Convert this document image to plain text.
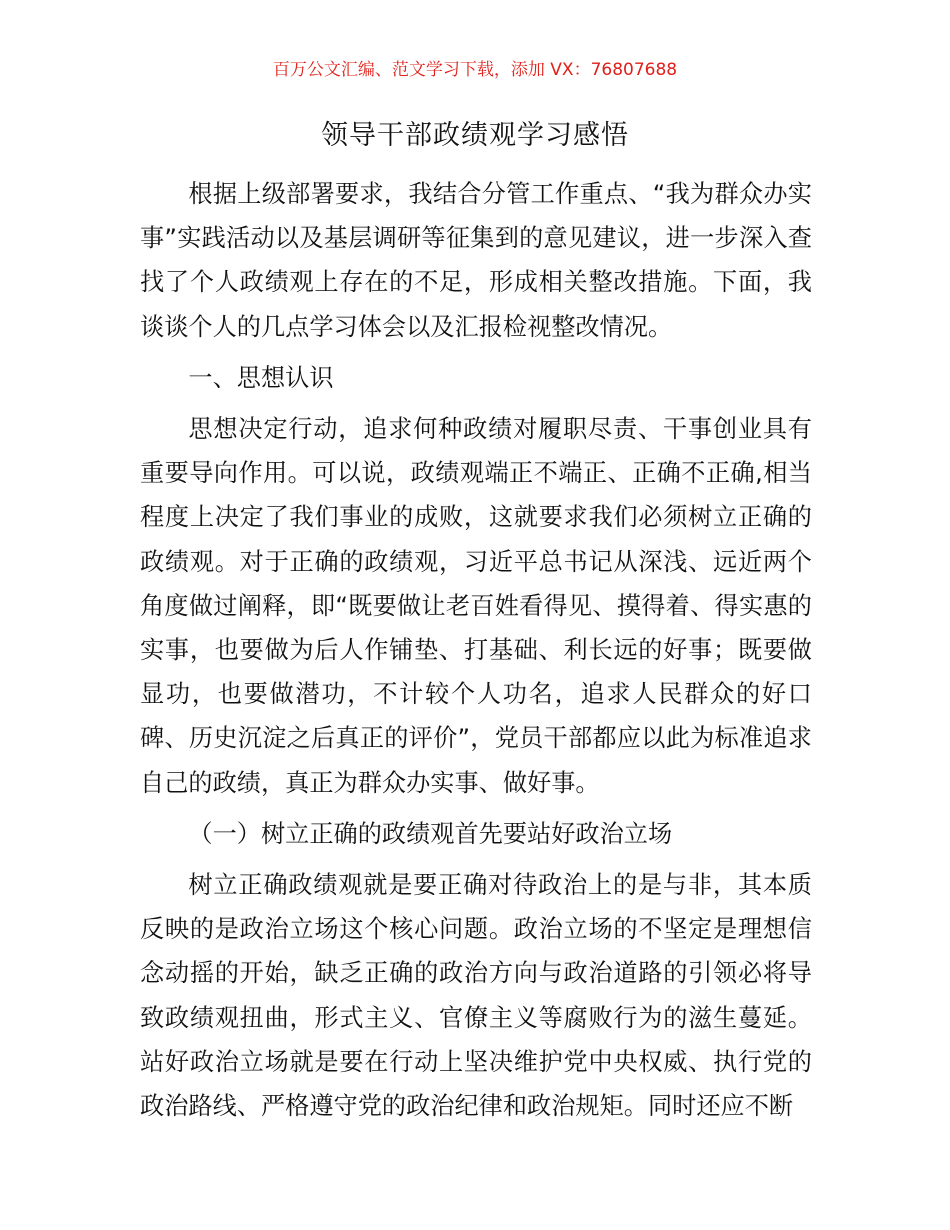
百万公文汇编、范文学习下载，添加 VX：76807688
领导干部政绩观学习感悟

根据上级部署要求，我结合分管工作重点、“我为群众办实事”实践活动以及基层调研等征集到的意见建议，进一步深入查找了个人政绩观上存在的不足，形成相关整改措施。下面，我谈谈个人的几点学习体会以及汇报检视整改情况。

一、思想认识

思想决定行动，追求何种政绩对履职尽责、干事创业具有重要导向作用。可以说，政绩观端正不端正、正确不正确,相当程度上决定了我们事业的成败，这就要求我们必须树立正确的政绩观。对于正确的政绩观，习近平总书记从深浅、远近两个角度做过阐释，即“既要做让老百姓看得见、摸得着、得实惠的实事，也要做为后人作铺垫、打基础、利长远的好事；既要做显功，也要做潜功，不计较个人功名，追求人民群众的好口碑、历史沉淀之后真正的评价”，党员干部都应以此为标准追求自己的政绩，真正为群众办实事、做好事。

（一）树立正确的政绩观首先要站好政治立场

树立正确政绩观就是要正确对待政治上的是与非，其本质反映的是政治立场这个核心问题。政治立场的不坚定是理想信念动摇的开始，缺乏正确的政治方向与政治道路的引领必将导致政绩观扭曲，形式主义、官僚主义等腐败行为的滋生蔓延。站好政治立场就是要在行动上坚决维护党中央权威、执行党的政治路线、严格遵守党的政治纪律和政治规矩。同时还应不断
